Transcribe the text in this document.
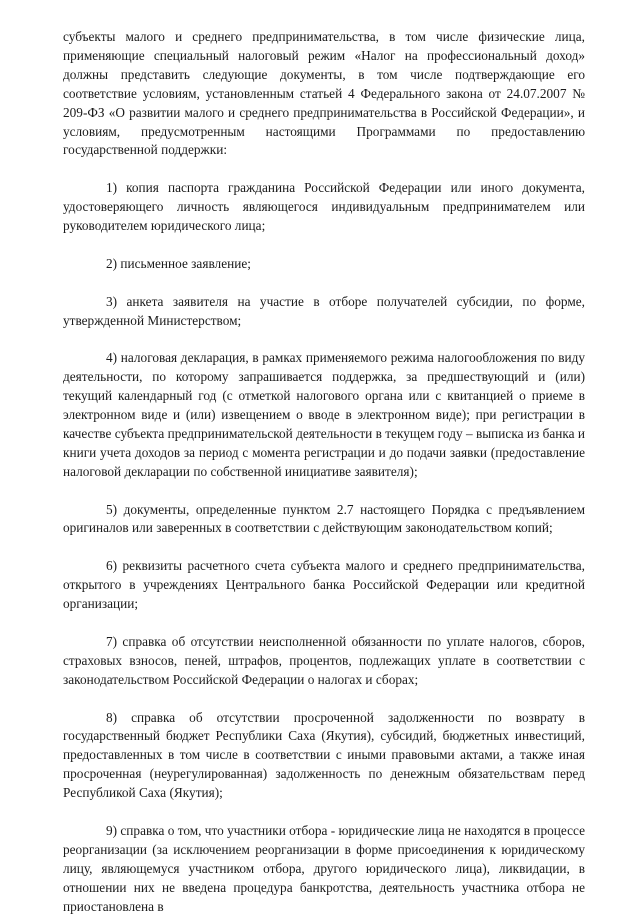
субъекты малого и среднего предпринимательства, в том числе физические лица, применяющие специальный налоговый режим «Налог на профессиональный доход» должны представить следующие документы, в том числе подтверждающие его соответствие условиям, установленным статьей 4 Федерального закона от 24.07.2007 № 209-ФЗ «О развитии малого и среднего предпринимательства в Российской Федерации», и условиям, предусмотренным настоящими Программами по предоставлению государственной поддержки:

1) копия паспорта гражданина Российской Федерации или иного документа, удостоверяющего личность являющегося индивидуальным предпринимателем или руководителем юридического лица;

2) письменное заявление;

3) анкета заявителя на участие в отборе получателей субсидии, по форме, утвержденной Министерством;

4) налоговая декларация, в рамках применяемого режима налогообложения по виду деятельности, по которому запрашивается поддержка, за предшествующий и (или) текущий календарный год (с отметкой налогового органа или с квитанцией о приеме в электронном виде и (или) извещением о вводе в электронном виде); при регистрации в качестве субъекта предпринимательской деятельности в текущем году – выписка из банка и книги учета доходов за период с момента регистрации и до подачи заявки (предоставление налоговой декларации по собственной инициативе заявителя);

5) документы, определенные пунктом 2.7 настоящего Порядка с предъявлением оригиналов или заверенных в соответствии с действующим законодательством копий;

6) реквизиты расчетного счета субъекта малого и среднего предпринимательства, открытого в учреждениях Центрального банка Российской Федерации или кредитной организации;

7) справка об отсутствии неисполненной обязанности по уплате налогов, сборов, страховых взносов, пеней, штрафов, процентов, подлежащих уплате в соответствии с законодательством Российской Федерации о налогах и сборах;

8) справка об отсутствии просроченной задолженности по возврату в государственный бюджет Республики Саха (Якутия), субсидий, бюджетных инвестиций, предоставленных в том числе в соответствии с иными правовыми актами, а также иная просроченная (неурегулированная) задолженность по денежным обязательствам перед Республикой Саха (Якутия);

9) справка о том, что участники отбора - юридические лица не находятся в процессе реорганизации (за исключением реорганизации в форме присоединения к юридическому лицу, являющемуся участником отбора, другого юридического лица), ликвидации, в отношении них не введена процедура банкротства, деятельность участника отбора не приостановлена в
